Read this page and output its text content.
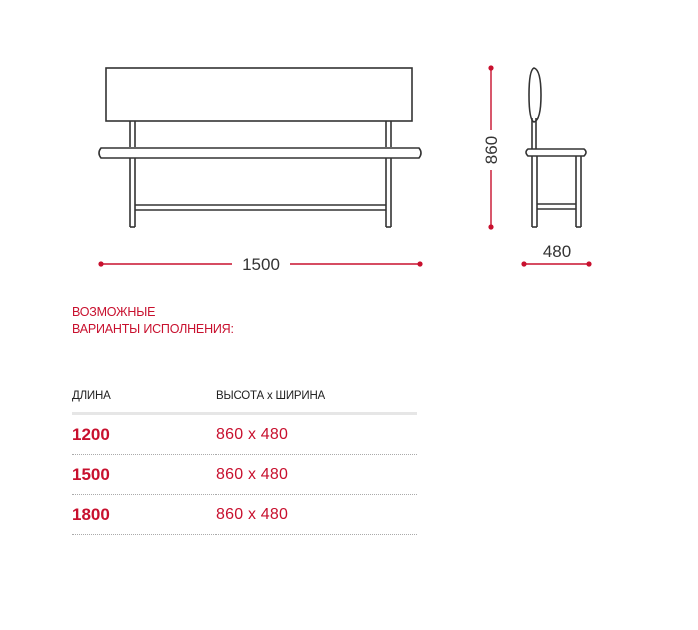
1500
860
480

ВОЗМОЖНЫЕ
ВАРИАНТЫ ИСПОЛНЕНИЯ:

ДЛИНА	ВЫСОТА х ШИРИНА
1200	860 х 480
1500	860 х 480
1800	860 х 480
